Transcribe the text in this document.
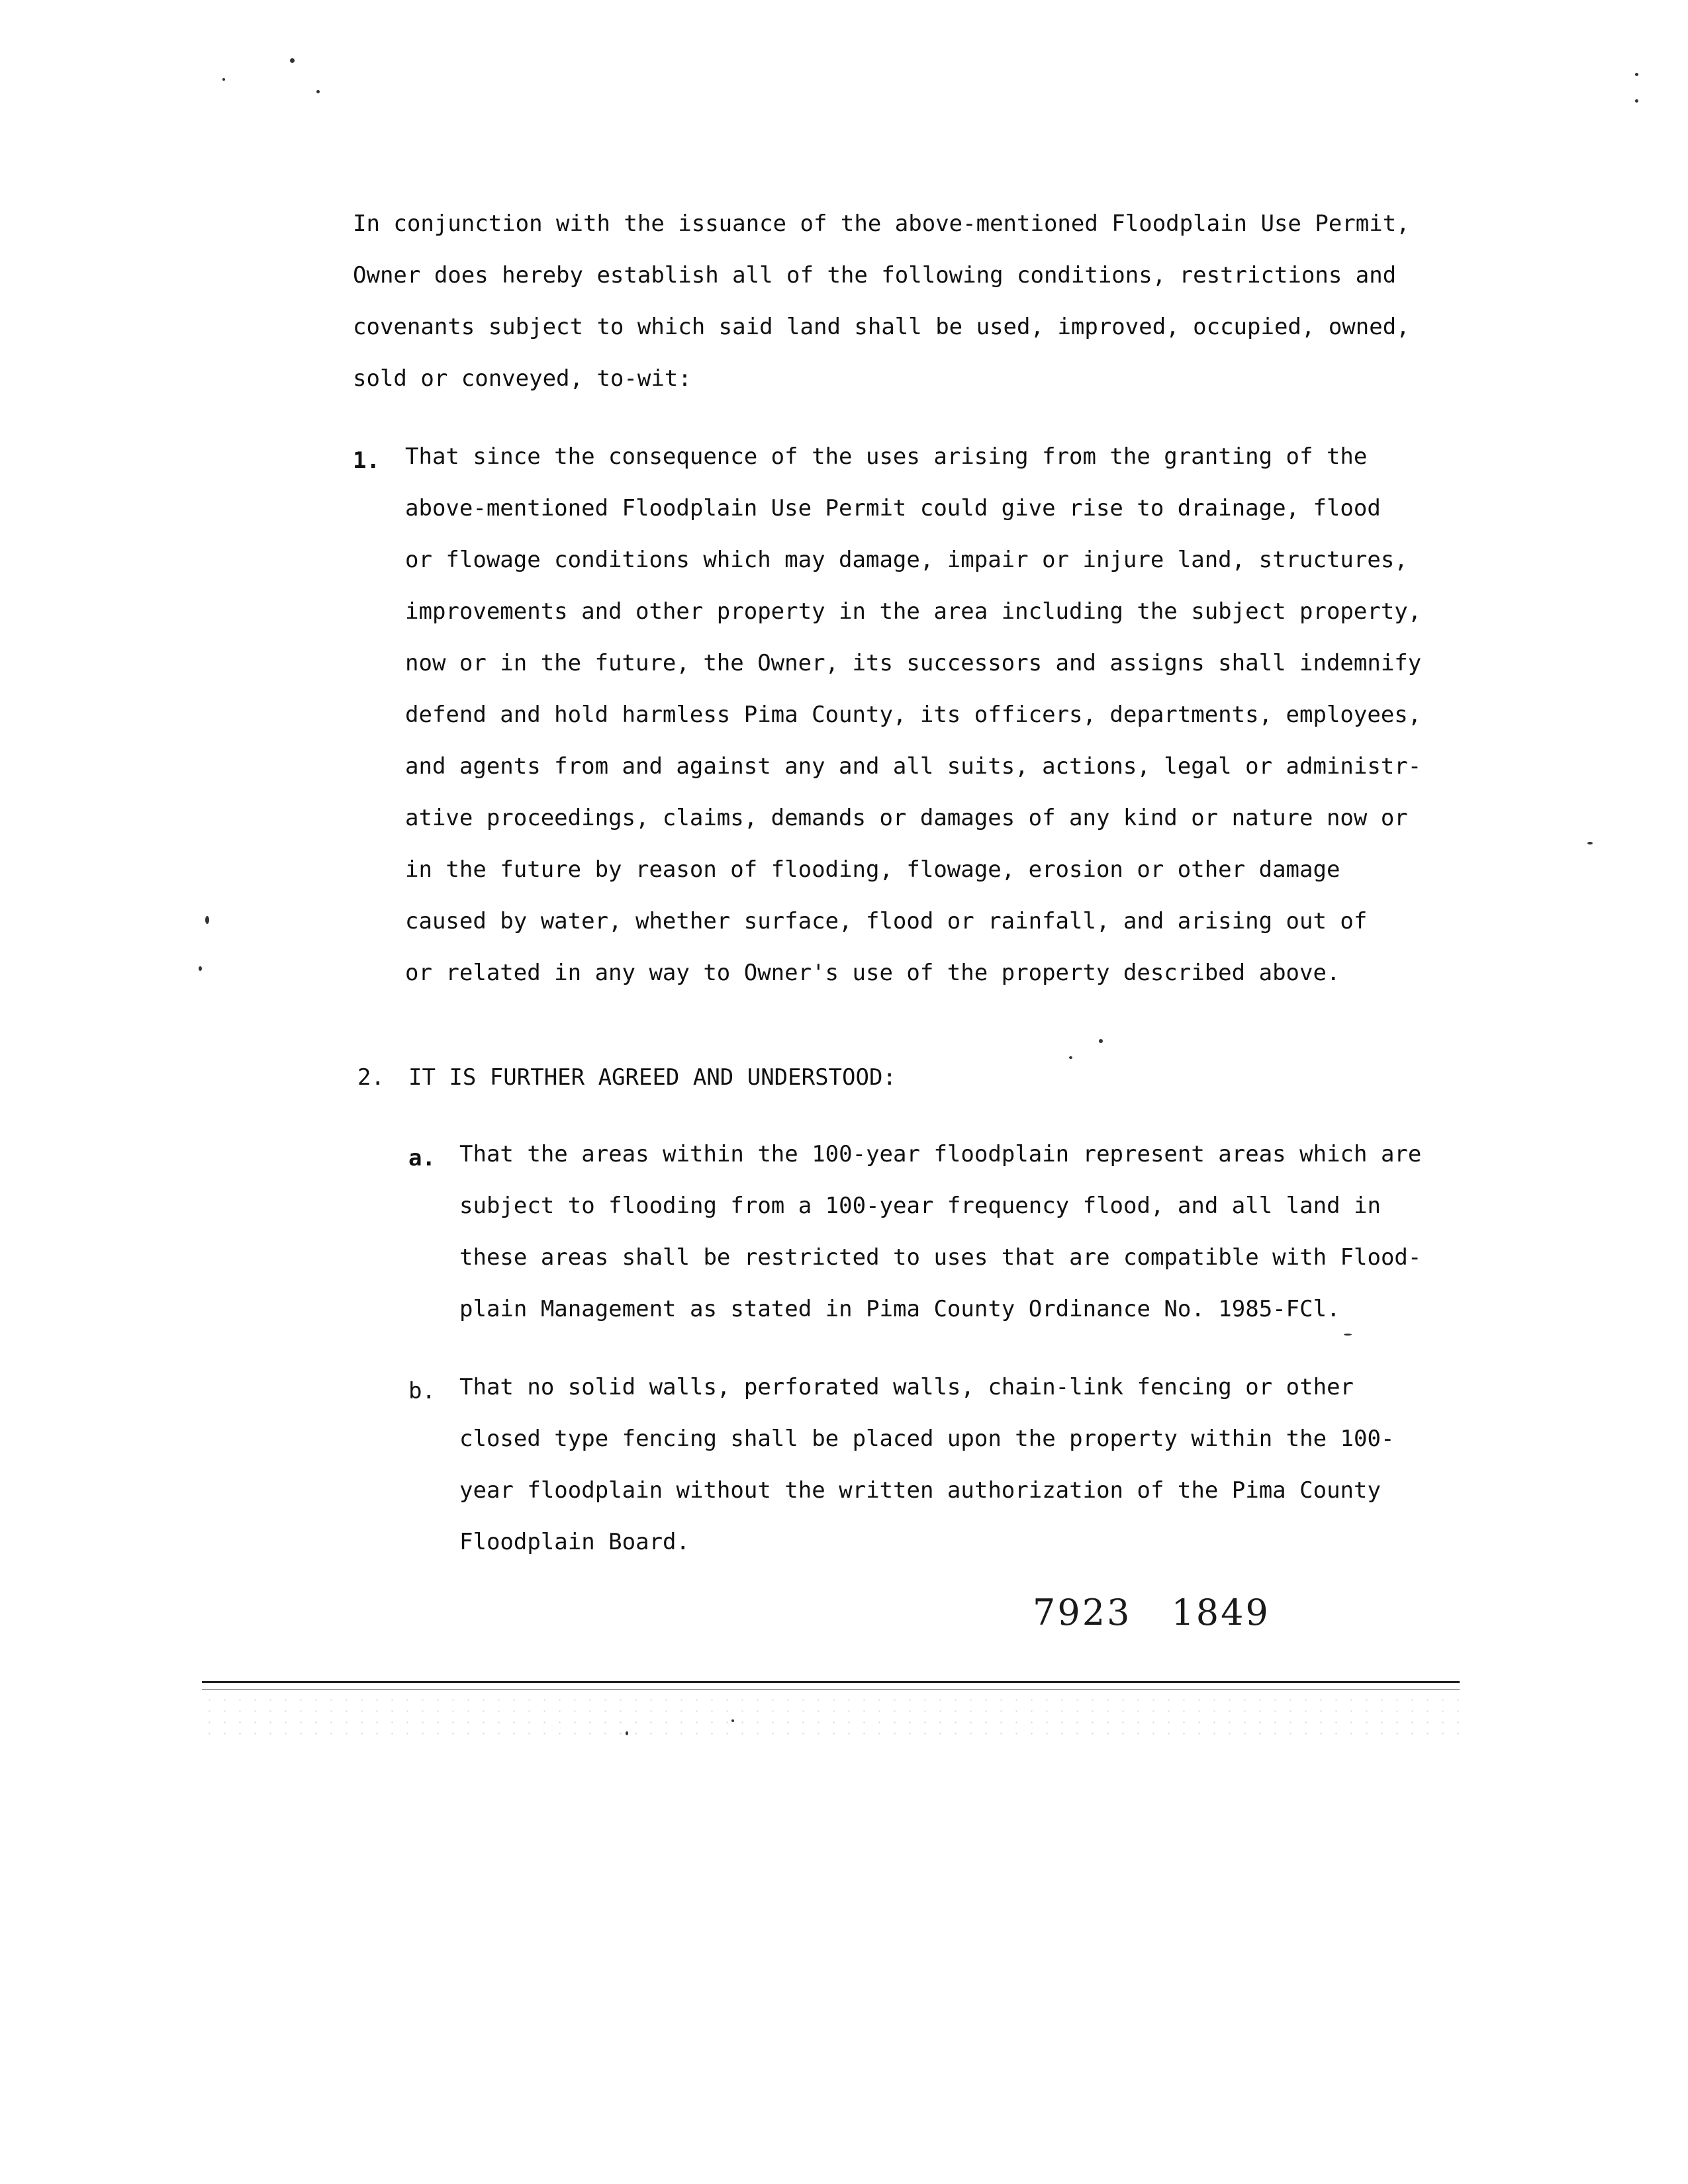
In conjunction with the issuance of the above-mentioned Floodplain Use Permit,
Owner does hereby establish all of the following conditions, restrictions and
covenants subject to which said land shall be used, improved, occupied, owned,
sold or conveyed, to-wit:
1. That since the consequence of the uses arising from the granting of the
above-mentioned Floodplain Use Permit could give rise to drainage, flood
or flowage conditions which may damage, impair or injure land, structures,
improvements and other property in the area including the subject property,
now or in the future, the Owner, its successors and assigns shall indemnify
defend and hold harmless Pima County, its officers, departments, employees,
and agents from and against any and all suits, actions, legal or administr-
ative proceedings, claims, demands or damages of any kind or nature now or
in the future by reason of flooding, flowage, erosion or other damage
caused by water, whether surface, flood or rainfall, and arising out of
or related in any way to Owner's use of the property described above.
2. IT IS FURTHER AGREED AND UNDERSTOOD:
a. That the areas within the 100-year floodplain represent areas which are
subject to flooding from a 100-year frequency flood, and all land in
these areas shall be restricted to uses that are compatible with Flood-
plain Management as stated in Pima County Ordinance No. 1985-FCl.
b. That no solid walls, perforated walls, chain-link fencing or other
closed type fencing shall be placed upon the property within the 100-
year floodplain without the written authorization of the Pima County
Floodplain Board.
7923 1849
